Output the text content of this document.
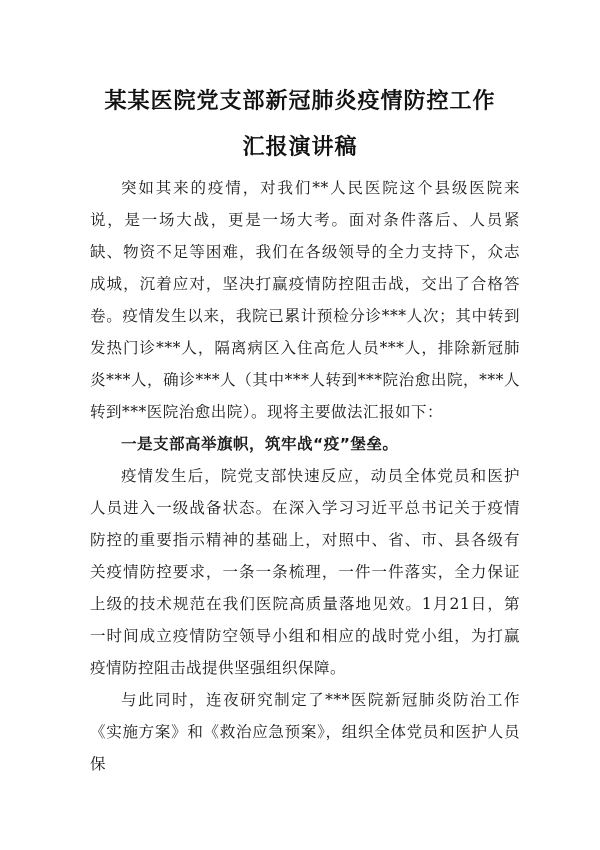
某某医院党支部新冠肺炎疫情防控工作
汇报演讲稿

突如其来的疫情，对我们**人民医院这个县级医院来说，是一场大战，更是一场大考。面对条件落后、人员紧缺、物资不足等困难，我们在各级领导的全力支持下，众志成城，沉着应对，坚决打赢疫情防控阻击战，交出了合格答卷。疫情发生以来，我院已累计预检分诊***人次；其中转到发热门诊***人，隔离病区入住高危人员***人，排除新冠肺炎***人，确诊***人（其中***人转到***院治愈出院，***人转到***医院治愈出院）。现将主要做法汇报如下：

一是支部高举旗帜，筑牢战“疫”堡垒。

疫情发生后，院党支部快速反应，动员全体党员和医护人员进入一级战备状态。在深入学习习近平总书记关于疫情防控的重要指示精神的基础上，对照中、省、市、县各级有关疫情防控要求，一条一条梳理，一件一件落实，全力保证上级的技术规范在我们医院高质量落地见效。1月21日，第一时间成立疫情防空领导小组和相应的战时党小组，为打赢疫情防控阻击战提供坚强组织保障。

与此同时，连夜研究制定了***医院新冠肺炎防治工作《实施方案》和《救治应急预案》，组织全体党员和医护人员保
